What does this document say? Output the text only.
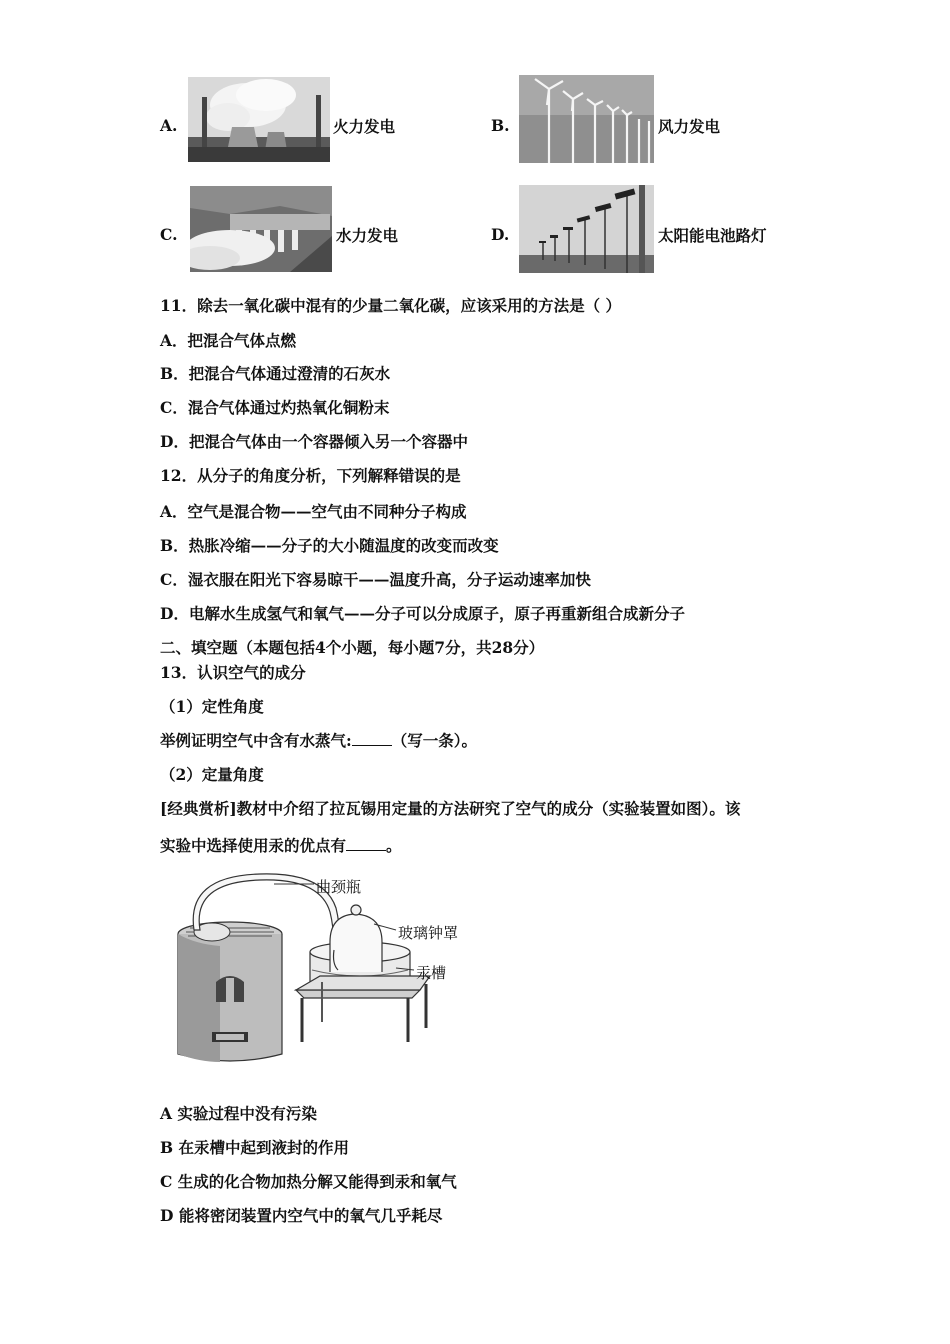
A.	火力发电	B.	风力发电
C.	水力发电	D.	太阳能电池路灯
11．除去一氧化碳中混有的少量二氧化碳，应该采用的方法是（ ）
A．把混合气体点燃
B．把混合气体通过澄清的石灰水
C．混合气体通过灼热氧化铜粉末
D．把混合气体由一个容器倾入另一个容器中
12．从分子的角度分析，下列解释错误的是
A．空气是混合物——空气由不同种分子构成
B．热胀冷缩——分子的大小随温度的改变而改变
C．湿衣服在阳光下容易晾干——温度升高，分子运动速率加快
D．电解水生成氢气和氧气——分子可以分成原子，原子再重新组合成新分子
二、填空题（本题包括4个小题，每小题7分，共28分）
13．认识空气的成分
（1）定性角度
举例证明空气中含有水蒸气:	（写一条）。
（2）定量角度
[经典赏析]教材中介绍了拉瓦锡用定量的方法研究了空气的成分（实验装置如图）。该
实验中选择使用汞的优点有	。
曲颈瓶
玻璃钟罩
汞槽
A 实验过程中没有污染
B 在汞槽中起到液封的作用
C 生成的化合物加热分解又能得到汞和氧气
D 能将密闭装置内空气中的氧气几乎耗尽
